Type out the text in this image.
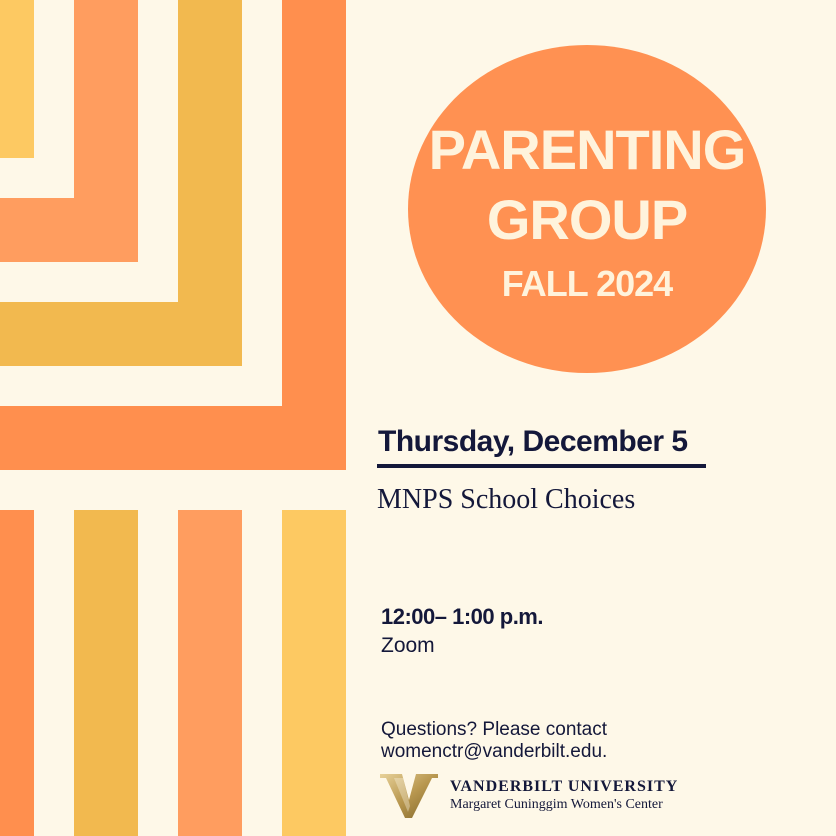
PARENTING
GROUP
FALL 2024
Thursday, December 5
MNPS School Choices
12:00– 1:00 p.m.
Zoom
Questions? Please contact
womenctr@vanderbilt.edu.
VANDERBILT UNIVERSITY
Margaret Cuninggim Women's Center
